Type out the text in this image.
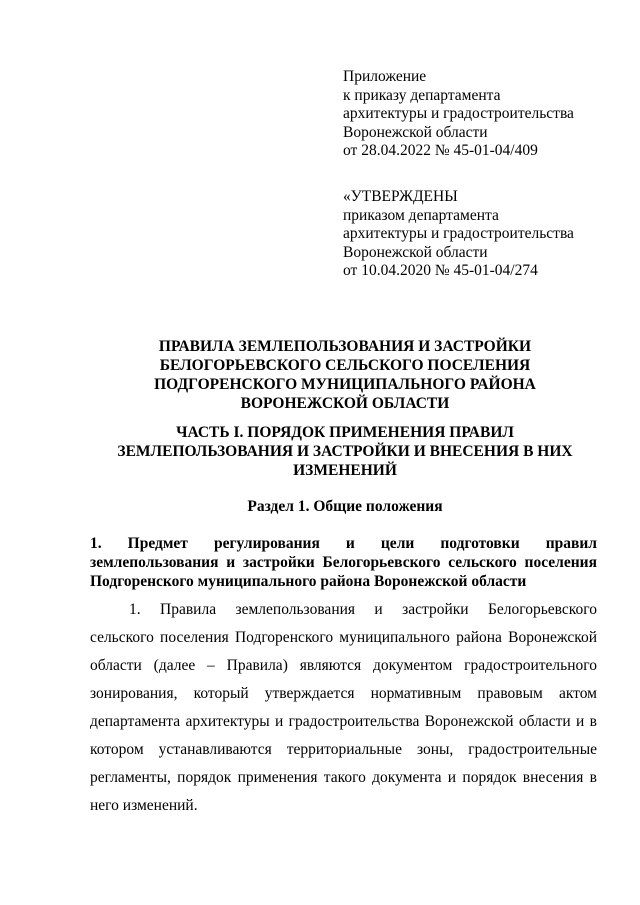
Приложение
к приказу департамента
архитектуры и градостроительства
Воронежской области
от 28.04.2022 № 45-01-04/409
«УТВЕРЖДЕНЫ
приказом департамента
архитектуры и градостроительства
Воронежской области
от 10.04.2020 № 45-01-04/274
ПРАВИЛА ЗЕМЛЕПОЛЬЗОВАНИЯ И ЗАСТРОЙКИ
БЕЛОГОРЬЕВСКОГО СЕЛЬСКОГО ПОСЕЛЕНИЯ
ПОДГОРЕНСКОГО МУНИЦИПАЛЬНОГО РАЙОНА
ВОРОНЕЖСКОЙ ОБЛАСТИ
ЧАСТЬ I. ПОРЯДОК ПРИМЕНЕНИЯ ПРАВИЛ
ЗЕМЛЕПОЛЬЗОВАНИЯ И ЗАСТРОЙКИ И ВНЕСЕНИЯ В НИХ
ИЗМЕНЕНИЙ
Раздел 1. Общие положения
1. Предмет регулирования и цели подготовки правил
землепользования и застройки Белогорьевского сельского поселения
Подгоренского муниципального района Воронежской области
1. Правила землепользования и застройки Белогорьевского
сельского поселения Подгоренского муниципального района Воронежской
области (далее – Правила) являются документом градостроительного
зонирования, который утверждается нормативным правовым актом
департамента архитектуры и градостроительства Воронежской области и в
котором устанавливаются территориальные зоны, градостроительные
регламенты, порядок применения такого документа и порядок внесения в
него изменений.
